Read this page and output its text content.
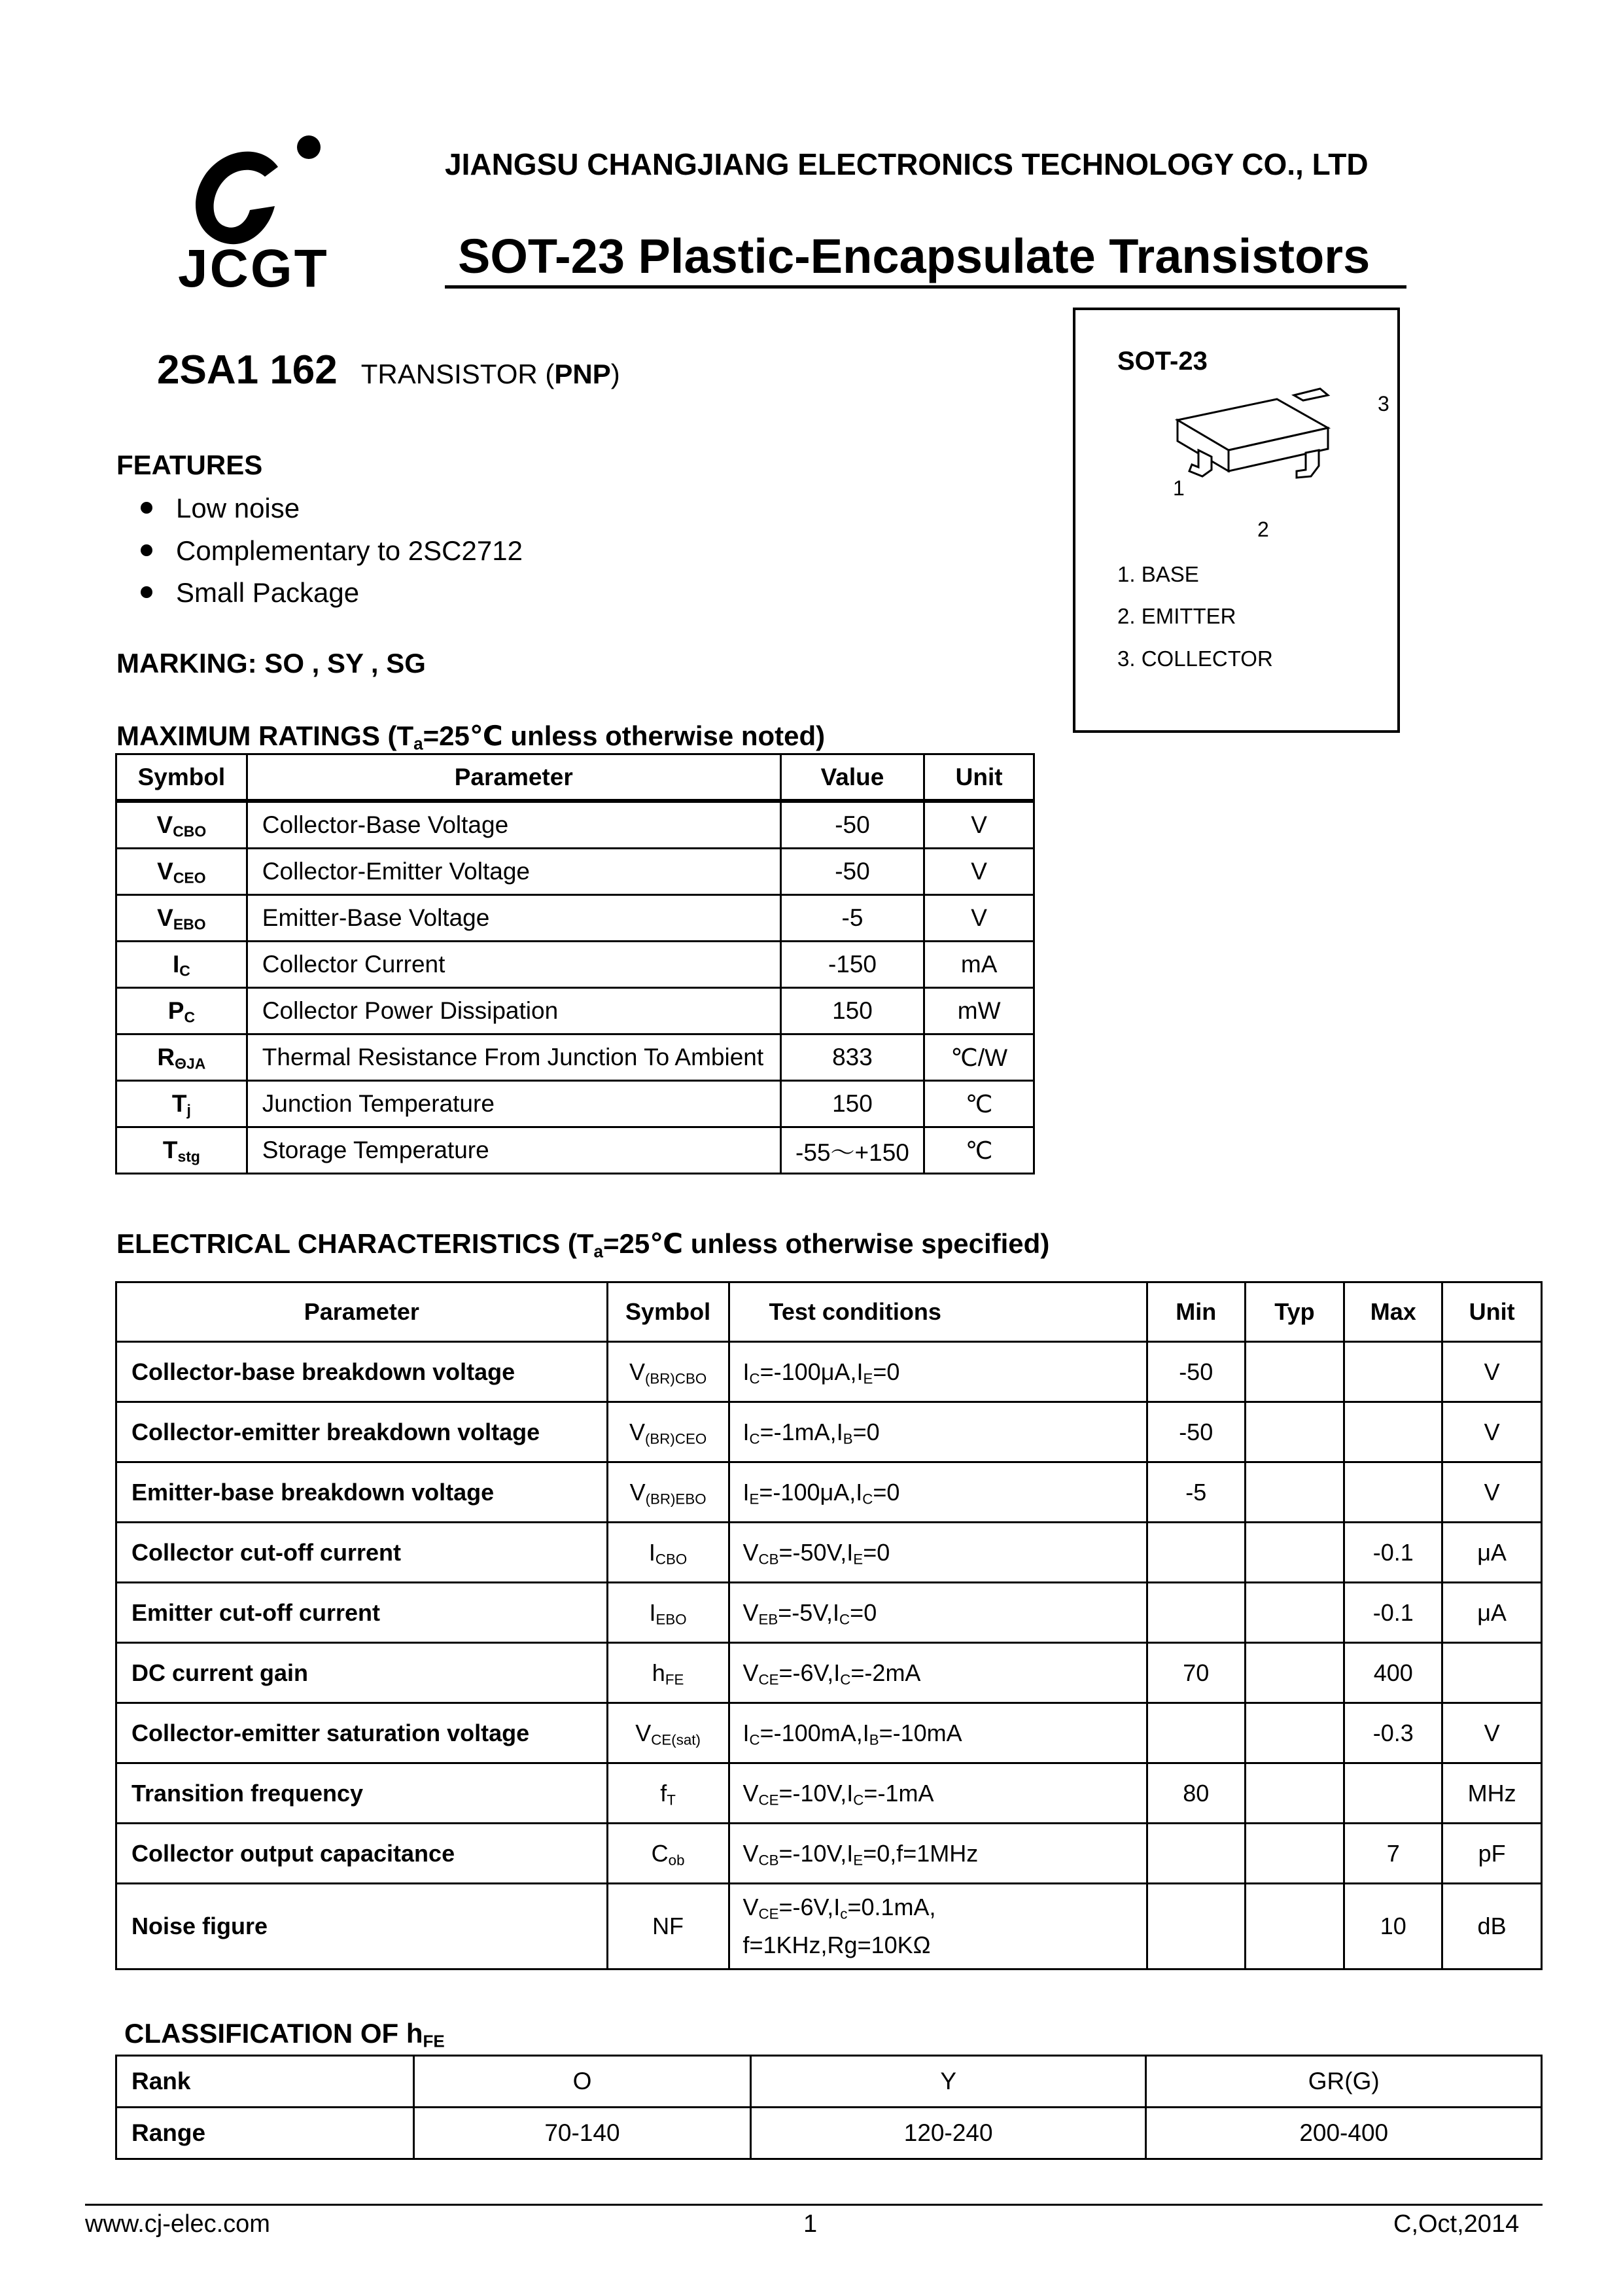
JCGT
JIANGSU CHANGJIANG ELECTRONICS TECHNOLOGY CO., LTD
SOT-23 Plastic-Encapsulate Transistors
2SA1 162 TRANSISTOR (PNP)	SOT-23
3
1
2
1. BASE
2. EMITTER
3. COLLECTOR
FEATURES
Low noise
Complementary to 2SC2712
Small Package
MARKING: SO , SY , SG
MAXIMUM RATINGS ($T_a=25℃$ unless otherwise noted)
Symbol	Parameter	Value	Unit
$V_{CBO}$	Collector-Base Voltage	-50	V
$V_{CEO}$	Collector-Emitter Voltage	-50	V
$V_{EBO}$	Emitter-Base Voltage	-5	V
$I_C$	Collector Current	-150	mA
$P_C$	Collector Power Dissipation	150	mW
$R_{\Theta JA}$	Thermal Resistance From Junction To Ambient	833	℃/W
$T_j$	Junction Temperature	150	℃
$T_{stg}$	Storage Temperature	-55～+150	℃
ELECTRICAL CHARACTERISTICS ($T_a=25℃$ unless otherwise specified)
Parameter	Symbol	Test conditions	Min	Typ	Max	Unit
Collector-base breakdown voltage	$V_{(BR)CBO}$	$I_C=-100\mu A,I_E=0$	-50			V
Collector-emitter breakdown voltage	$V_{(BR)CEO}$	$I_C=-1mA,I_B=0$	-50			V
Emitter-base breakdown voltage	$V_{(BR)EBO}$	$I_E=-100\mu A,I_C=0$	-5			V
Collector cut-off current	$I_{CBO}$	$V_{CB}=-50V,I_E=0$			-0.1	μA
Emitter cut-off current	$I_{EBO}$	$V_{EB}=-5V,I_C=0$			-0.1	μA
DC current gain	$h_{FE}$	$V_{CE}=-6V,I_C=-2mA$	70		400	
Collector-emitter saturation voltage	$V_{CE(sat)}$	$I_C=-100mA,I_B=-10mA$			-0.3	V
Transition frequency	$f_T$	$V_{CE}=-10V,I_C=-1mA$	80			MHz
Collector output capacitance	$C_{ob}$	$V_{CB}=-10V,I_E=0,f=1MHz$			7	pF
Noise figure	NF	$V_{CE}=-6V,I_c=0.1mA$,
f=1KHz,Rg=10KΩ			10	dB
CLASSIFICATION OF $h_{FE}$
Rank	O	Y	GR(G)
Range	70-140	120-240	200-400
www.cj-elec.com	1	C,Oct,2014
